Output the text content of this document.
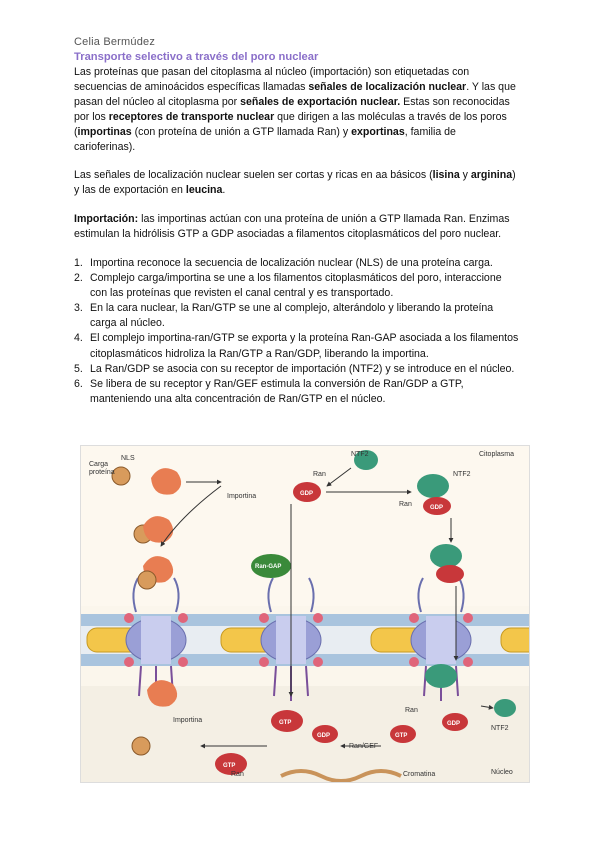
Celia Bermúdez
Transporte selectivo a través del poro nuclear
Las proteínas que pasan del citoplasma al núcleo (importación) son etiquetadas con secuencias de aminoácidos específicas llamadas señales de localización nuclear. Y las que pasan del núcleo al citoplasma por señales de exportación nuclear. Estas son reconocidas por los receptores de transporte nuclear que dirigen a las moléculas a través de los poros (importinas (con proteína de unión a GTP llamada Ran) y exportinas, familia de carioferinas).
Las señales de localización nuclear suelen ser cortas y ricas en aa básicos (lisina y arginina) y las de exportación en leucina.
Importación: las importinas actúan con una proteína de unión a GTP llamada Ran. Enzimas estimulan la hidrólisis GTP a GDP asociadas a filamentos citoplasmáticos del poro nuclear.
1. Importina reconoce la secuencia de localización nuclear (NLS) de una proteína carga.
2. Complejo carga/importina se une a los filamentos citoplasmáticos del poro, interaccione con las proteínas que revisten el canal central y es transportado.
3. En la cara nuclear, la Ran/GTP se une al complejo, alterándolo y liberando la proteína carga al núcleo.
4. El complejo importina-ran/GTP se exporta y la proteína Ran-GAP asociada a los filamentos citoplasmáticos hidroliza la Ran/GTP a Ran/GDP, liberando la importina.
5. La Ran/GDP se asocia con su receptor de importación (NTF2) y se introduce en el núcleo.
6. Se libera de su receptor y Ran/GEF estimula la conversión de Ran/GDP a GTP, manteniendo una alta concentración de Ran/GTP en el núcleo.
GDP
GDP
Ran-GAP
GTP
GDP	GTP
GDP
GTP
Carga
proteína
NLS
Importina
Ran
NTF2
NTF2
Ran
Citoplasma
Importina
Ran
NTF2
Ran/GEF
Ran	Cromatina	Núcleo
